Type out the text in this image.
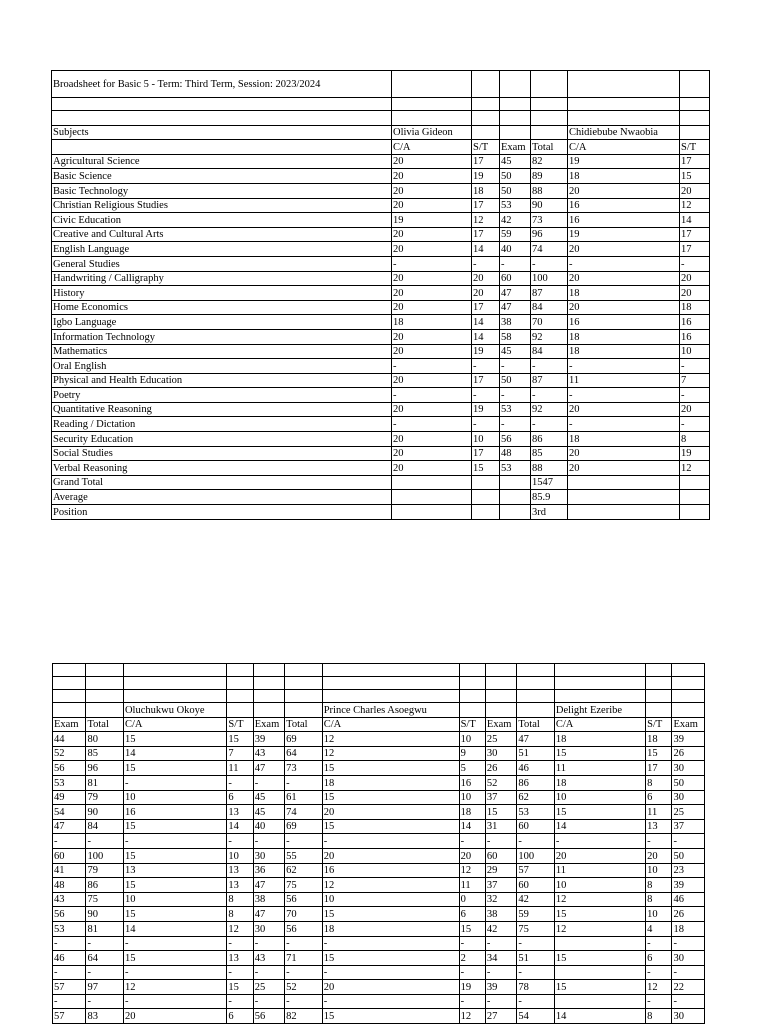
Broadsheet for Basic 5 - Term: Third Term, Session: 2023/2024						

Subjects	Olivia Gideon				Chidiebube Nwaobia	
	C/A	S/T	Exam	Total	C/A	S/T
Agricultural Science	20	17	45	82	19	17
Basic Science	20	19	50	89	18	15
Basic Technology	20	18	50	88	20	20
Christian Religious Studies	20	17	53	90	16	12
Civic Education	19	12	42	73	16	14
Creative and Cultural Arts	20	17	59	96	19	17
English Language	20	14	40	74	20	17
General Studies	-	-	-	-	-	-
Handwriting / Calligraphy	20	20	60	100	20	20
History	20	20	47	87	18	20
Home Economics	20	17	47	84	20	18
Igbo Language	18	14	38	70	16	16
Information Technology	20	14	58	92	18	16
Mathematics	20	19	45	84	18	10
Oral English	-	-	-	-	-	-
Physical and Health Education	20	17	50	87	11	7
Poetry	-	-	-	-	-	-
Quantitative Reasoning	20	19	53	92	20	20
Reading / Dictation	-	-	-	-	-	-
Security Education	20	10	56	86	18	8
Social Studies	20	17	48	85	20	19
Verbal Reasoning	20	15	53	88	20	12
Grand Total				1547		
Average				85.9		
Position				3rd		

		Oluchukwu Okoye				Prince Charles Asoegwu				Delight Ezeribe		
Exam	Total	C/A	S/T	Exam	Total	C/A	S/T	Exam	Total	C/A	S/T	Exam
44	80	15	15	39	69	12	10	25	47	18	18	39
52	85	14	7	43	64	12	9	30	51	15	15	26
56	96	15	11	47	73	15	5	26	46	11	17	30
53	81	-	-	-	-	18	16	52	86	18	8	50
49	79	10	6	45	61	15	10	37	62	10	6	30
54	90	16	13	45	74	20	18	15	53	15	11	25
47	84	15	14	40	69	15	14	31	60	14	13	37
-	-	-	-	-	-	-	-	-	-	-	-	-
60	100	15	10	30	55	20	20	60	100	20	20	50
41	79	13	13	36	62	16	12	29	57	11	10	23
48	86	15	13	47	75	12	11	37	60	10	8	39
43	75	10	8	38	56	10	0	32	42	12	8	46
56	90	15	8	47	70	15	6	38	59	15	10	26
53	81	14	12	30	56	18	15	42	75	12	4	18
-	-	-	-	-	-	-	-	-	-		-	-
46	64	15	13	43	71	15	2	34	51	15	6	30
-	-	-	-	-	-	-	-	-	-		-	-
57	97	12	15	25	52	20	19	39	78	15	12	22
-	-	-	-	-	-	-	-	-	-		-	-
57	83	20	6	56	82	15	12	27	54	14	8	30
